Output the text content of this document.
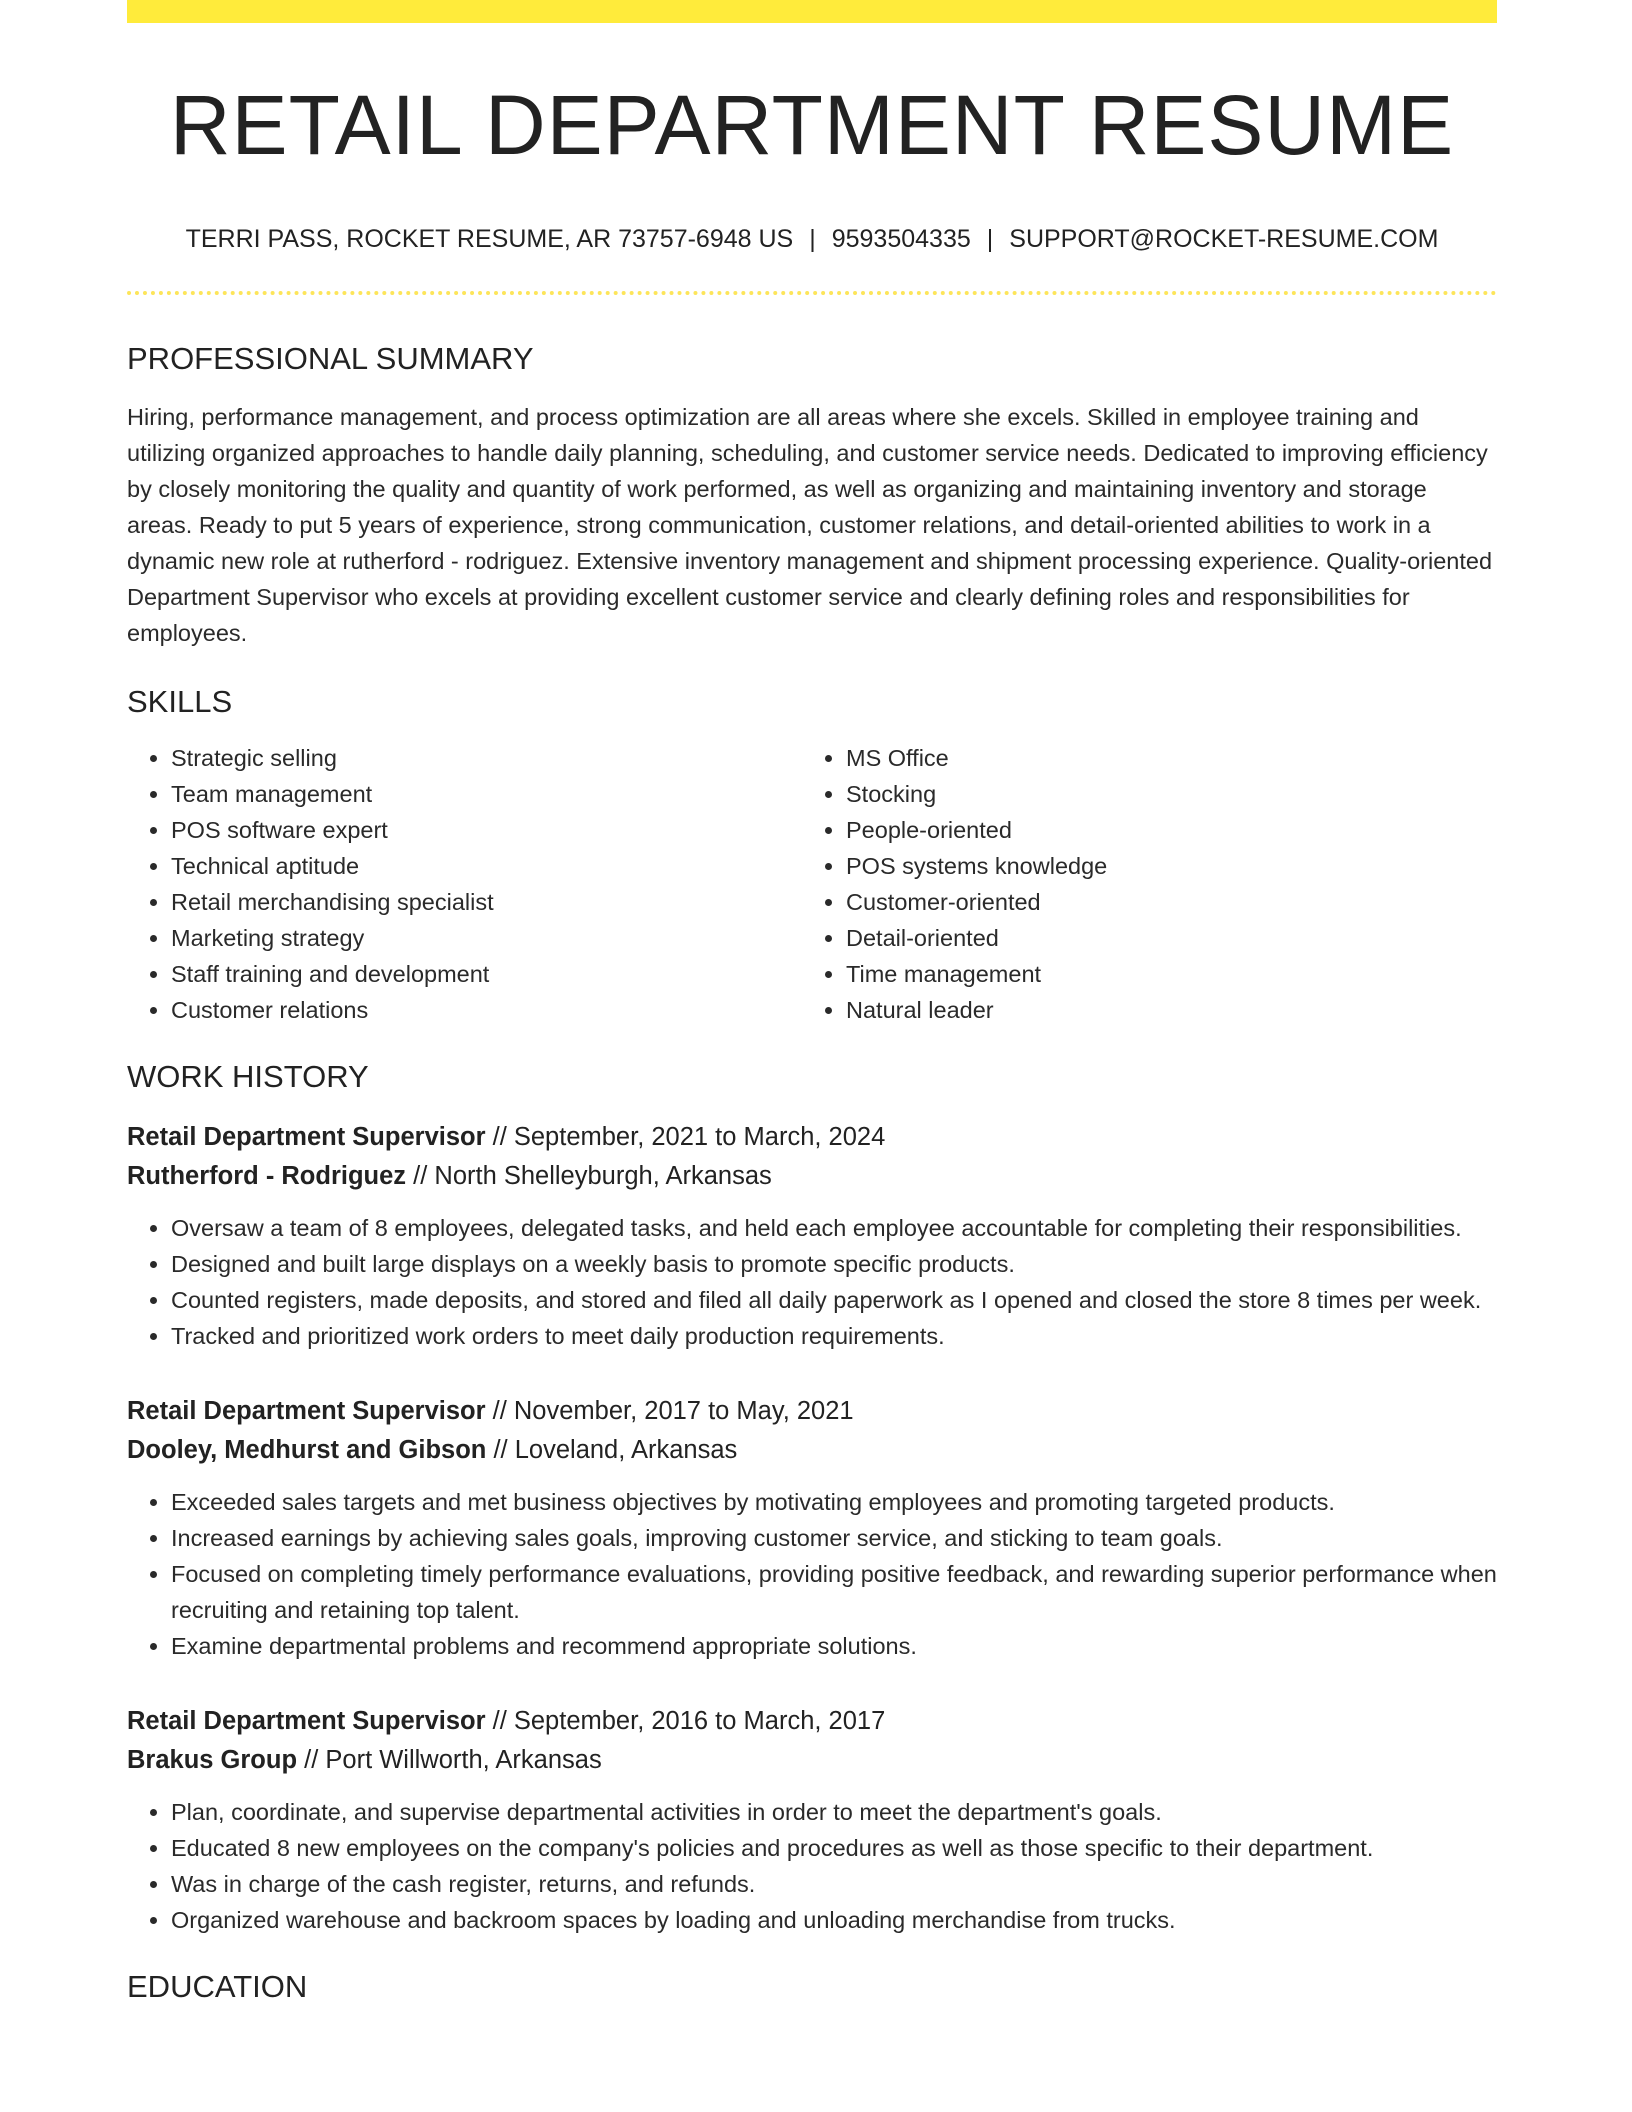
RETAIL DEPARTMENT RESUME
TERRI PASS, ROCKET RESUME, AR 73757-6948 US | 9593504335 | SUPPORT@ROCKET-RESUME.COM
PROFESSIONAL SUMMARY

Hiring, performance management, and process optimization are all areas where she excels. Skilled in employee training and utilizing organized approaches to handle daily planning, scheduling, and customer service needs. Dedicated to improving efficiency by closely monitoring the quality and quantity of work performed, as well as organizing and maintaining inventory and storage areas. Ready to put 5 years of experience, strong communication, customer relations, and detail-oriented abilities to work in a dynamic new role at rutherford - rodriguez. Extensive inventory management and shipment processing experience. Quality-oriented Department Supervisor who excels at providing excellent customer service and clearly defining roles and responsibilities for employees.

SKILLS
• Strategic selling
• Team management
• POS software expert
• Technical aptitude
• Retail merchandising specialist
• Marketing strategy
• Staff training and development
• Customer relations
• MS Office
• Stocking
• People-oriented
• POS systems knowledge
• Customer-oriented
• Detail-oriented
• Time management
• Natural leader
WORK HISTORY
Retail Department Supervisor // September, 2021 to March, 2024
Rutherford - Rodriguez // North Shelleyburgh, Arkansas
• Oversaw a team of 8 employees, delegated tasks, and held each employee accountable for completing their responsibilities.
• Designed and built large displays on a weekly basis to promote specific products.
• Counted registers, made deposits, and stored and filed all daily paperwork as I opened and closed the store 8 times per week.
• Tracked and prioritized work orders to meet daily production requirements.
Retail Department Supervisor // November, 2017 to May, 2021
Dooley, Medhurst and Gibson // Loveland, Arkansas
• Exceeded sales targets and met business objectives by motivating employees and promoting targeted products.
• Increased earnings by achieving sales goals, improving customer service, and sticking to team goals.
• Focused on completing timely performance evaluations, providing positive feedback, and rewarding superior performance when recruiting and retaining top talent.
• Examine departmental problems and recommend appropriate solutions.
Retail Department Supervisor // September, 2016 to March, 2017
Brakus Group // Port Willworth, Arkansas
• Plan, coordinate, and supervise departmental activities in order to meet the department's goals.
• Educated 8 new employees on the company's policies and procedures as well as those specific to their department.
• Was in charge of the cash register, returns, and refunds.
• Organized warehouse and backroom spaces by loading and unloading merchandise from trucks.
EDUCATION
